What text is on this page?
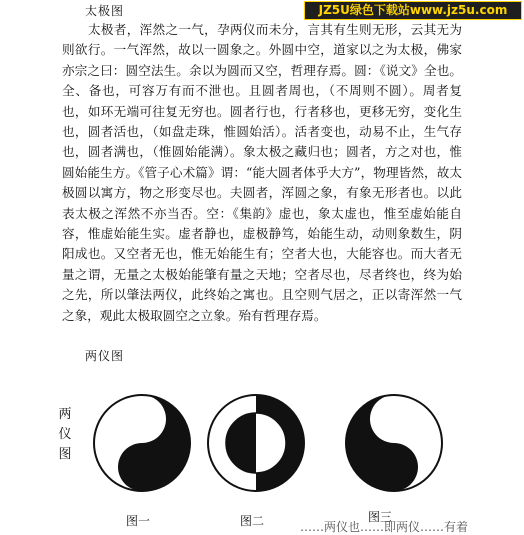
太极图	JZ5U绿色下载站www.jz5u.com

太极者，浑然之一气，孕两仪而未分，言其有生则无形，云其无为则欲行。一气浑然，故以一圆象之。外圆中空，道家以之为太极，佛家亦宗之曰：圆空法生。余以为圆而又空，哲理存焉。圆：《说文》全也。全、备也，可容万有而不泄也。且圆者周也，（不周则不圆）。周者复也，如环无端可往复无穷也。圆者行也，行者移也，更移无穷，变化生也，圆者活也，（如盘走珠，惟圆始活）。活者变也，动易不止，生气存也，圆者满也，（惟圆始能满）。象太极之藏归也；圆者，方之对也，惟圆始能生方。《管子心术篇》谓：“能大圆者体乎大方”，物理皆然，故太极圆以寓方，物之形变尽也。夫圆者，浑圆之象，有象无形者也。以此表太极之浑然不亦当否。空：《集韵》虚也，象太虚也，惟至虚始能自容，惟虚始能生实。虚者静也，虚极静笃，始能生动，动则象数生，阴阳成也。又空者无也，惟无始能生有；空者大也，大能容也。而大者无量之谓，无量之太极始能肇有量之天地；空者尽也，尽者终也，终为始之先，所以肇法两仪，此终始之寓也。且空则气居之，正以寄浑然一气之象，观此太极取圆空之立象。殆有哲理存焉。

两仪图
两
仪
图
图一	图二	图三
……两仪也……即两仪……有着
